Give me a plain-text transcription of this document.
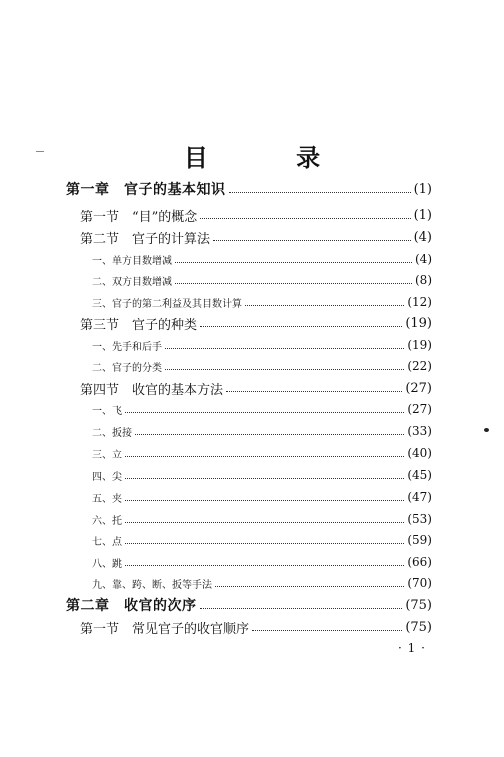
目 录
第一章　官子的基本知识	(1)
第一节　“目”的概念	(1)
第二节　官子的计算法	(4)
一、单方目数增减	(4)
二、双方目数增减	(8)
三、官子的第二利益及其目数计算	(12)
第三节　官子的种类	(19)
一、先手和后手	(19)
二、官子的分类	(22)
第四节　收官的基本方法	(27)
一、飞	(27)
二、扳接	(33)
三、立	(40)
四、尖	(45)
五、夹	(47)
六、托	(53)
七、点	(59)
八、跳	(66)
九、靠、跨、断、扳等手法	(70)
第二章　收官的次序	(75)
第一节　常见官子的收官顺序	(75)
· 1 ·
